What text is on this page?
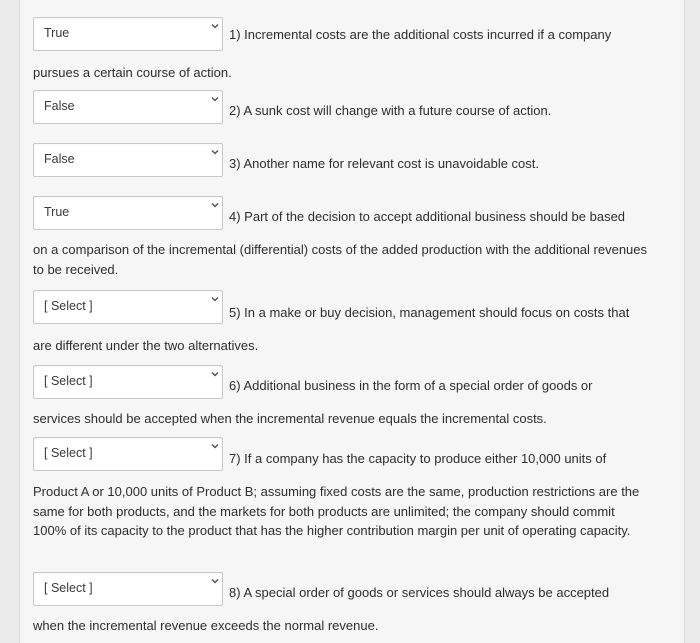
True	1) Incremental costs are the additional costs incurred if a company
pursues a certain course of action.
False	2) A sunk cost will change with a future course of action.
False	3) Another name for relevant cost is unavoidable cost.
True	4) Part of the decision to accept additional business should be based
on a comparison of the incremental (differential) costs of the added production with the additional revenues to be received.
[ Select ]	5) In a make or buy decision, management should focus on costs that
are different under the two alternatives.
[ Select ]	6) Additional business in the form of a special order of goods or
services should be accepted when the incremental revenue equals the incremental costs.
[ Select ]	7) If a company has the capacity to produce either 10,000 units of
Product A or 10,000 units of Product B; assuming fixed costs are the same, production restrictions are the same for both products, and the markets for both products are unlimited; the company should commit 100% of its capacity to the product that has the higher contribution margin per unit of operating capacity.
[ Select ]	8) A special order of goods or services should always be accepted
when the incremental revenue exceeds the normal revenue.
